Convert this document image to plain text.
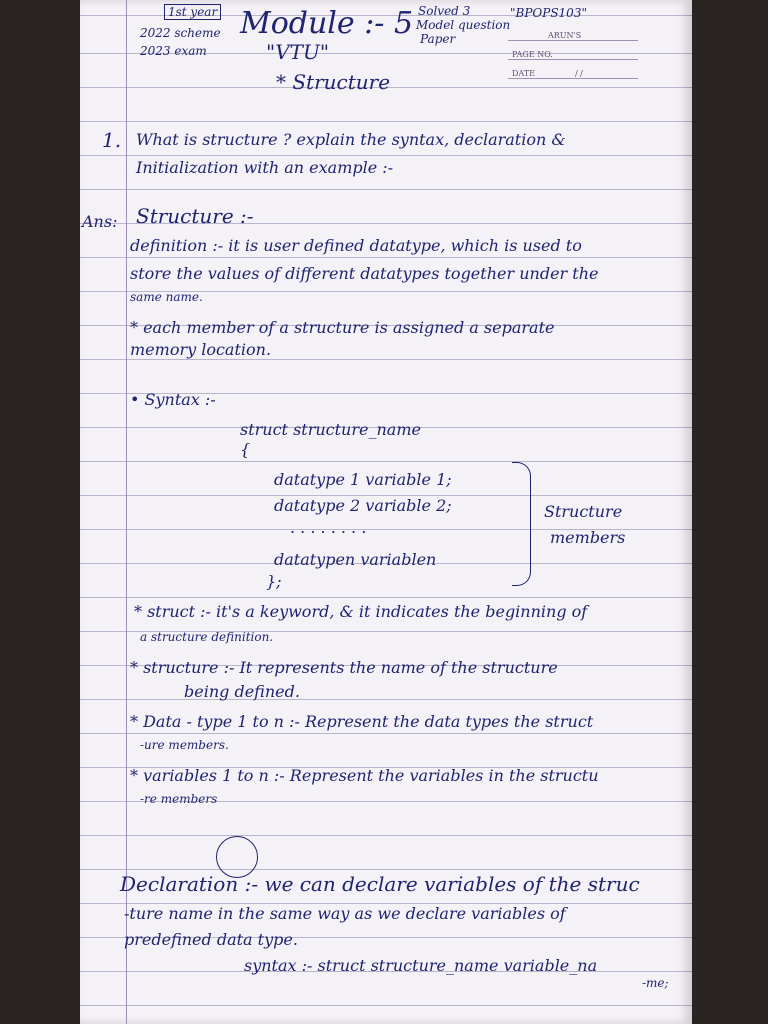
1st year
2022 scheme
2023 exam
Module :- 5
"VTU"
Solved 3
Model question
Paper
"BPOPS103"
ARUN'S
PAGE NO.
DATE	/ /
* Structure
1. What is structure ? explain the syntax, declaration &
Initialization with an example :-
Ans: Structure :-
definition :- it is user defined datatype, which is used to
store the values of different datatypes together under the
same name.
* each member of a structure is assigned a separate
memory location.
• Syntax :-
struct structure_name
{
datatype 1 variable 1;
datatype 2 variable 2;
. . . . . . . .
datatypen variablen
};
Structure
members
* struct :- it's a keyword, & it indicates the beginning of
a structure definition.
* structure :- It represents the name of the structure
being defined.
* Data - type 1 to n :- Represent the data types the struct
-ure members.
* variables 1 to n :- Represent the variables in the structu
-re members
Declaration :- we can declare variables of the struc
-ture name in the same way as we declare variables of
predefined data type.
syntax :- struct structure_name variable_na
-me;
